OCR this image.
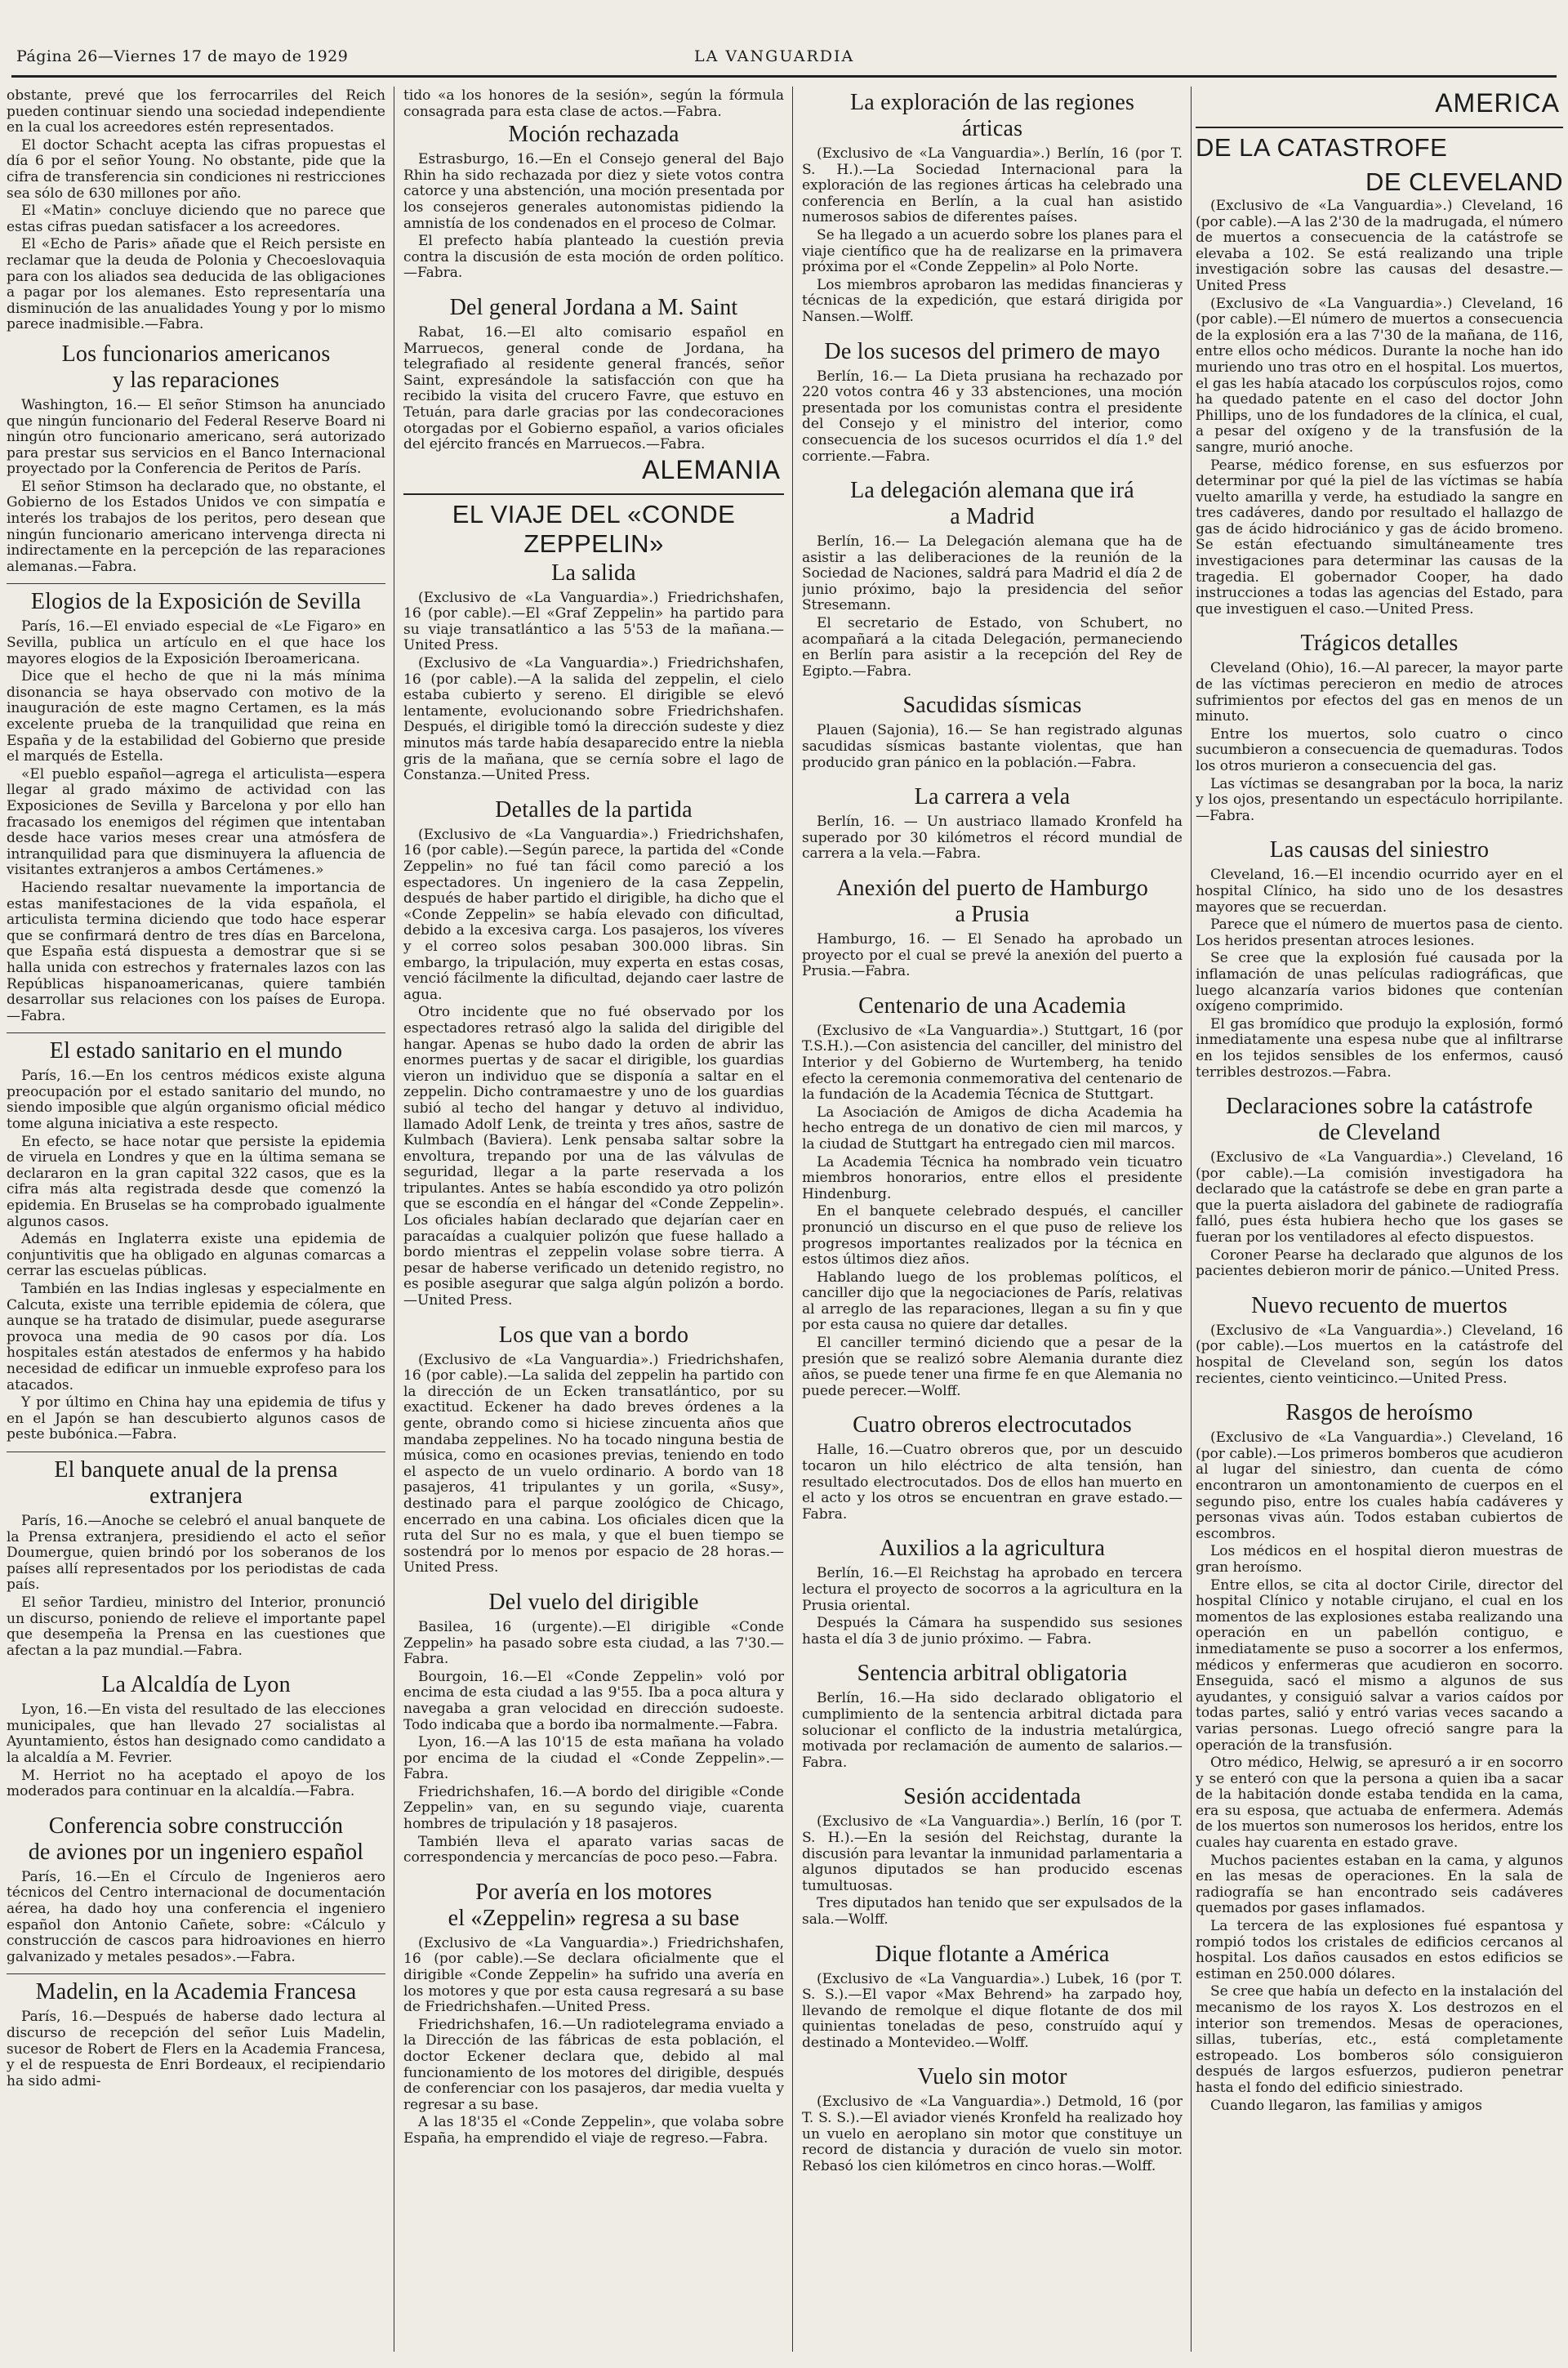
Página 26—Viernes 17 de mayo de 1929	LA VANGUARDIA

obstante, prevé que los ferrocarriles del Reich pueden continuar siendo una sociedad independiente en la cual los acreedores estén representados.

El doctor Schacht acepta las cifras propuestas el día 6 por el señor Young. No obstante, pide que la cifra de transferencia sin condiciones ni restricciones sea sólo de 630 millones por año.

El «Matin» concluye diciendo que no parece que estas cifras puedan satisfacer a los acreedores.

El «Echo de Paris» añade que el Reich persiste en reclamar que la deuda de Polonia y Checoeslovaquia para con los aliados sea deducida de las obligaciones a pagar por los alemanes. Esto representaría una disminución de las anualidades Young y por lo mismo parece inadmisible.—Fabra.

Los funcionarios americanos
y las reparaciones

Washington, 16.— El señor Stimson ha anunciado que ningún funcionario del Federal Reserve Board ni ningún otro funcionario americano, será autorizado para prestar sus servicios en el Banco Internacional proyectado por la Conferencia de Peritos de París.

El señor Stimson ha declarado que, no obstante, el Gobierno de los Estados Unidos ve con simpatía e interés los trabajos de los peritos, pero desean que ningún funcionario americano intervenga directa ni indirectamente en la percepción de las reparaciones alemanas.—Fabra.

Elogios de la Exposición de Sevilla

París, 16.—El enviado especial de «Le Figaro» en Sevilla, publica un artículo en el que hace los mayores elogios de la Exposición Iberoamericana.

Dice que el hecho de que ni la más mínima disonancia se haya observado con motivo de la inauguración de este magno Certamen, es la más excelente prueba de la tranquilidad que reina en España y de la estabilidad del Gobierno que preside el marqués de Estella.

«El pueblo español—agrega el articulista—espera llegar al grado máximo de actividad con las Exposiciones de Sevilla y Barcelona y por ello han fracasado los enemigos del régimen que intentaban desde hace varios meses crear una atmósfera de intranquilidad para que disminuyera la afluencia de visitantes extranjeros a ambos Certámenes.»

Haciendo resaltar nuevamente la importancia de estas manifestaciones de la vida española, el articulista termina diciendo que todo hace esperar que se confirmará dentro de tres días en Barcelona, que España está dispuesta a demostrar que si se halla unida con estrechos y fraternales lazos con las Repúblicas hispanoamericanas, quiere también desarrollar sus relaciones con los países de Europa.—Fabra.

El estado sanitario en el mundo

París, 16.—En los centros médicos existe alguna preocupación por el estado sanitario del mundo, no siendo imposible que algún organismo oficial médico tome alguna iniciativa a este respecto.

En efecto, se hace notar que persiste la epidemia de viruela en Londres y que en la última semana se declararon en la gran capital 322 casos, que es la cifra más alta registrada desde que comenzó la epidemia. En Bruselas se ha comprobado igualmente algunos casos.

Además en Inglaterra existe una epidemia de conjuntivitis que ha obligado en algunas comarcas a cerrar las escuelas públicas.

También en las Indias inglesas y especialmente en Calcuta, existe una terrible epidemia de cólera, que aunque se ha tratado de disimular, puede asegurarse provoca una media de 90 casos por día. Los hospitales están atestados de enfermos y ha habido necesidad de edificar un inmueble exprofeso para los atacados.

Y por último en China hay una epidemia de tifus y en el Japón se han descubierto algunos casos de peste bubónica.—Fabra.

El banquete anual de la prensa
extranjera

París, 16.—Anoche se celebró el anual banquete de la Prensa extranjera, presidiendo el acto el señor Doumergue, quien brindó por los soberanos de los países allí representados por los periodistas de cada país.

El señor Tardieu, ministro del Interior, pronunció un discurso, poniendo de relieve el importante papel que desempeña la Prensa en las cuestiones que afectan a la paz mundial.—Fabra.

La Alcaldía de Lyon

Lyon, 16.—En vista del resultado de las elecciones municipales, que han llevado 27 socialistas al Ayuntamiento, éstos han designado como candidato a la alcaldía a M. Fevrier.

M. Herriot no ha aceptado el apoyo de los moderados para continuar en la alcaldía.—Fabra.

Conferencia sobre construcción
de aviones por un ingeniero español

París, 16.—En el Círculo de Ingenieros aero técnicos del Centro internacional de documentación aérea, ha dado hoy una conferencia el ingeniero español don Antonio Cañete, sobre: «Cálculo y construcción de cascos para hidroaviones en hierro galvanizado y metales pesados».—Fabra.

Madelin, en la Academia Francesa

París, 16.—Después de haberse dado lectura al discurso de recepción del señor Luis Madelin, sucesor de Robert de Flers en la Academia Francesa, y el de respuesta de Enri Bordeaux, el recipiendario ha sido admi-

tido «a los honores de la sesión», según la fórmula consagrada para esta clase de actos.—Fabra.

Moción rechazada

Estrasburgo, 16.—En el Consejo general del Bajo Rhin ha sido rechazada por diez y siete votos contra catorce y una abstención, una moción presentada por los consejeros generales autonomistas pidiendo la amnistía de los condenados en el proceso de Colmar.

El prefecto había planteado la cuestión previa contra la discusión de esta moción de orden político.—Fabra.

Del general Jordana a M. Saint

Rabat, 16.—El alto comisario español en Marruecos, general conde de Jordana, ha telegrafiado al residente general francés, señor Saint, expresándole la satisfacción con que ha recibido la visita del crucero Favre, que estuvo en Tetuán, para darle gracias por las condecoraciones otorgadas por el Gobierno español, a varios oficiales del ejército francés en Marruecos.—Fabra.

ALEMANIA
EL VIAJE DEL «CONDE ZEPPELIN»
La salida

(Exclusivo de «La Vanguardia».) Friedrichshafen, 16 (por cable).—El «Graf Zeppelin» ha partido para su viaje transatlántico a las 5'53 de la mañana.—United Press.

(Exclusivo de «La Vanguardia».) Friedrichshafen, 16 (por cable).—A la salida del zeppelin, el cielo estaba cubierto y sereno. El dirigible se elevó lentamente, evolucionando sobre Friedrichshafen. Después, el dirigible tomó la dirección sudeste y diez minutos más tarde había desaparecido entre la niebla gris de la mañana, que se cernía sobre el lago de Constanza.—United Press.

Detalles de la partida

(Exclusivo de «La Vanguardia».) Friedrichshafen, 16 (por cable).—Según parece, la partida del «Conde Zeppelin» no fué tan fácil como pareció a los espectadores. Un ingeniero de la casa Zeppelin, después de haber partido el dirigible, ha dicho que el «Conde Zeppelin» se había elevado con dificultad, debido a la excesiva carga. Los pasajeros, los víveres y el correo solos pesaban 300.000 libras. Sin embargo, la tripulación, muy experta en estas cosas, venció fácilmente la dificultad, dejando caer lastre de agua.

Otro incidente que no fué observado por los espectadores retrasó algo la salida del dirigible del hangar. Apenas se hubo dado la orden de abrir las enormes puertas y de sacar el dirigible, los guardias vieron un individuo que se disponía a saltar en el zeppelin. Dicho contramaestre y uno de los guardias subió al techo del hangar y detuvo al individuo, llamado Adolf Lenk, de treinta y tres años, sastre de Kulmbach (Baviera). Lenk pensaba saltar sobre la envoltura, trepando por una de las válvulas de seguridad, llegar a la parte reservada a los tripulantes. Antes se había escondido ya otro polizón que se escondía en el hángar del «Conde Zeppelin». Los oficiales habían declarado que dejarían caer en paracaídas a cualquier polizón que fuese hallado a bordo mientras el zeppelin volase sobre tierra. A pesar de haberse verificado un detenido registro, no es posible asegurar que salga algún polizón a bordo.—United Press.

Los que van a bordo

(Exclusivo de «La Vanguardia».) Friedrichshafen, 16 (por cable).—La salida del zeppelin ha partido con la dirección de un Ecken transatlántico, por su exactitud. Eckener ha dado breves órdenes a la gente, obrando como si hiciese zincuenta años que mandaba zeppelines. No ha tocado ninguna bestia de música, como en ocasiones previas, teniendo en todo el aspecto de un vuelo ordinario. A bordo van 18 pasajeros, 41 tripulantes y un gorila, «Susy», destinado para el parque zoológico de Chicago, encerrado en una cabina. Los oficiales dicen que la ruta del Sur no es mala, y que el buen tiempo se sostendrá por lo menos por espacio de 28 horas.—United Press.

Del vuelo del dirigible

Basilea, 16 (urgente).—El dirigible «Conde Zeppelin» ha pasado sobre esta ciudad, a las 7'30.—Fabra.

Bourgoin, 16.—El «Conde Zeppelin» voló por encima de esta ciudad a las 9'55. Iba a poca altura y navegaba a gran velocidad en dirección sudoeste. Todo indicaba que a bordo iba normalmente.—Fabra.

Lyon, 16.—A las 10'15 de esta mañana ha volado por encima de la ciudad el «Conde Zeppelin».—Fabra.

Friedrichshafen, 16.—A bordo del dirigible «Conde Zeppelin» van, en su segundo viaje, cuarenta hombres de tripulación y 18 pasajeros.

También lleva el aparato varias sacas de correspondencia y mercancías de poco peso.—Fabra.

Por avería en los motores
el «Zeppelin» regresa a su base

(Exclusivo de «La Vanguardia».) Friedrichshafen, 16 (por cable).—Se declara oficialmente que el dirigible «Conde Zeppelin» ha sufrido una avería en los motores y que por esta causa regresará a su base de Friedrichshafen.—United Press.

Friedrichshafen, 16.—Un radiotelegrama enviado a la Dirección de las fábricas de esta población, el doctor Eckener declara que, debido al mal funcionamiento de los motores del dirigible, después de conferenciar con los pasajeros, dar media vuelta y regresar a su base.

A las 18'35 el «Conde Zeppelin», que volaba sobre España, ha emprendido el viaje de regreso.—Fabra.

La exploración de las regiones
árticas

(Exclusivo de «La Vanguardia».) Berlín, 16 (por T. S. H.).—La Sociedad Internacional para la exploración de las regiones árticas ha celebrado una conferencia en Berlín, a la cual han asistido numerosos sabios de diferentes países.

Se ha llegado a un acuerdo sobre los planes para el viaje científico que ha de realizarse en la primavera próxima por el «Conde Zeppelin» al Polo Norte.

Los miembros aprobaron las medidas financieras y técnicas de la expedición, que estará dirigida por Nansen.—Wolff.

De los sucesos del primero de mayo

Berlín, 16.— La Dieta prusiana ha rechazado por 220 votos contra 46 y 33 abstenciones, una moción presentada por los comunistas contra el presidente del Consejo y el ministro del interior, como consecuencia de los sucesos ocurridos el día 1.º del corriente.—Fabra.

La delegación alemana que irá
a Madrid

Berlín, 16.— La Delegación alemana que ha de asistir a las deliberaciones de la reunión de la Sociedad de Naciones, saldrá para Madrid el día 2 de junio próximo, bajo la presidencia del señor Stresemann.

El secretario de Estado, von Schubert, no acompañará a la citada Delegación, permaneciendo en Berlín para asistir a la recepción del Rey de Egipto.—Fabra.

Sacudidas sísmicas

Plauen (Sajonia), 16.— Se han registrado algunas sacudidas sísmicas bastante violentas, que han producido gran pánico en la población.—Fabra.

La carrera a vela

Berlín, 16. — Un austriaco llamado Kronfeld ha superado por 30 kilómetros el récord mundial de carrera a la vela.—Fabra.

Anexión del puerto de Hamburgo
a Prusia

Hamburgo, 16. — El Senado ha aprobado un proyecto por el cual se prevé la anexión del puerto a Prusia.—Fabra.

Centenario de una Academia

(Exclusivo de «La Vanguardia».) Stuttgart, 16 (por T.S.H.).—Con asistencia del canciller, del ministro del Interior y del Gobierno de Wurtemberg, ha tenido efecto la ceremonia conmemorativa del centenario de la fundación de la Academia Técnica de Stuttgart.

La Asociación de Amigos de dicha Academia ha hecho entrega de un donativo de cien mil marcos, y la ciudad de Stuttgart ha entregado cien mil marcos.

La Academia Técnica ha nombrado vein ticuatro miembros honorarios, entre ellos el presidente Hindenburg.

En el banquete celebrado después, el canciller pronunció un discurso en el que puso de relieve los progresos importantes realizados por la técnica en estos últimos diez años.

Hablando luego de los problemas políticos, el canciller dijo que la negociaciones de París, relativas al arreglo de las reparaciones, llegan a su fin y que por esta causa no quiere dar detalles.

El canciller terminó diciendo que a pesar de la presión que se realizó sobre Alemania durante diez años, se puede tener una firme fe en que Alemania no puede perecer.—Wolff.

Cuatro obreros electrocutados

Halle, 16.—Cuatro obreros que, por un descuido tocaron un hilo eléctrico de alta tensión, han resultado electrocutados. Dos de ellos han muerto en el acto y los otros se encuentran en grave estado.—Fabra.

Auxilios a la agricultura

Berlín, 16.—El Reichstag ha aprobado en tercera lectura el proyecto de socorros a la agricultura en la Prusia oriental.

Después la Cámara ha suspendido sus sesiones hasta el día 3 de junio próximo. — Fabra.

Sentencia arbitral obligatoria

Berlín, 16.—Ha sido declarado obligatorio el cumplimiento de la sentencia arbitral dictada para solucionar el conflicto de la industria metalúrgica, motivada por reclamación de aumento de salarios.—Fabra.

Sesión accidentada

(Exclusivo de «La Vanguardia».) Berlín, 16 (por T. S. H.).—En la sesión del Reichstag, durante la discusión para levantar la inmunidad parlamentaria a algunos diputados se han producido escenas tumultuosas.

Tres diputados han tenido que ser expulsados de la sala.—Wolff.

Dique flotante a América

(Exclusivo de «La Vanguardia».) Lubek, 16 (por T. S. S.).—El vapor «Max Behrend» ha zarpado hoy, llevando de remolque el dique flotante de dos mil quinientas toneladas de peso, construído aquí y destinado a Montevideo.—Wolff.

Vuelo sin motor

(Exclusivo de «La Vanguardia».) Detmold, 16 (por T. S. S.).—El aviador vienés Kronfeld ha realizado hoy un vuelo en aeroplano sin motor que constituye un record de distancia y duración de vuelo sin motor. Rebasó los cien kilómetros en cinco horas.—Wolff.

AMERICA
DE LA CATASTROFE
DE CLEVELAND

(Exclusivo de «La Vanguardia».) Cleveland, 16 (por cable).—A las 2'30 de la madrugada, el número de muertos a consecuencia de la catástrofe se elevaba a 102. Se está realizando una triple investigación sobre las causas del desastre.—United Press

(Exclusivo de «La Vanguardia».) Cleveland, 16 (por cable).—El número de muertos a consecuencia de la explosión era a las 7'30 de la mañana, de 116, entre ellos ocho médicos. Durante la noche han ido muriendo uno tras otro en el hospital. Los muertos, el gas les había atacado los corpúsculos rojos, como ha quedado patente en el caso del doctor John Phillips, uno de los fundadores de la clínica, el cual, a pesar del oxígeno y de la transfusión de la sangre, murió anoche.

Pearse, médico forense, en sus esfuerzos por determinar por qué la piel de las víctimas se había vuelto amarilla y verde, ha estudiado la sangre en tres cadáveres, dando por resultado el hallazgo de gas de ácido hidrociánico y gas de ácido bromeno. Se están efectuando simultáneamente tres investigaciones para determinar las causas de la tragedia. El gobernador Cooper, ha dado instrucciones a todas las agencias del Estado, para que investiguen el caso.—United Press.

Trágicos detalles

Cleveland (Ohio), 16.—Al parecer, la mayor parte de las víctimas perecieron en medio de atroces sufrimientos por efectos del gas en menos de un minuto.

Entre los muertos, solo cuatro o cinco sucumbieron a consecuencia de quemaduras. Todos los otros murieron a consecuencia del gas.

Las víctimas se desangraban por la boca, la nariz y los ojos, presentando un espectáculo horripilante.—Fabra.

Las causas del siniestro

Cleveland, 16.—El incendio ocurrido ayer en el hospital Clínico, ha sido uno de los desastres mayores que se recuerdan.

Parece que el número de muertos pasa de ciento. Los heridos presentan atroces lesiones.

Se cree que la explosión fué causada por la inflamación de unas películas radiográficas, que luego alcanzaría varios bidones que contenían oxígeno comprimido.

El gas bromídico que produjo la explosión, formó inmediatamente una espesa nube que al infiltrarse en los tejidos sensibles de los enfermos, causó terribles destrozos.—Fabra.

Declaraciones sobre la catástrofe
de Cleveland

(Exclusivo de «La Vanguardia».) Cleveland, 16 (por cable).—La comisión investigadora ha declarado que la catástrofe se debe en gran parte a que la puerta aisladora del gabinete de radiografía falló, pues ésta hubiera hecho que los gases se fueran por los ventiladores al efecto dispuestos.

Coroner Pearse ha declarado que algunos de los pacientes debieron morir de pánico.—United Press.

Nuevo recuento de muertos

(Exclusivo de «La Vanguardia».) Cleveland, 16 (por cable).—Los muertos en la catástrofe del hospital de Cleveland son, según los datos recientes, ciento veinticinco.—United Press.

Rasgos de heroísmo

(Exclusivo de «La Vanguardia».) Cleveland, 16 (por cable).—Los primeros bomberos que acudieron al lugar del siniestro, dan cuenta de cómo encontraron un amontonamiento de cuerpos en el segundo piso, entre los cuales había cadáveres y personas vivas aún. Todos estaban cubiertos de escombros.

Los médicos en el hospital dieron muestras de gran heroísmo.

Entre ellos, se cita al doctor Cirile, director del hospital Clínico y notable cirujano, el cual en los momentos de las explosiones estaba realizando una operación en un pabellón contiguo, e inmediatamente se puso a socorrer a los enfermos, médicos y enfermeras que acudieron en socorro. Enseguida, sacó el mismo a algunos de sus ayudantes, y consiguió salvar a varios caídos por todas partes, salió y entró varias veces sacando a varias personas. Luego ofreció sangre para la operación de la transfusión.

Otro médico, Helwig, se apresuró a ir en socorro y se enteró con que la persona a quien iba a sacar de la habitación donde estaba tendida en la cama, era su esposa, que actuaba de enfermera. Además de los muertos son numerosos los heridos, entre los cuales hay cuarenta en estado grave.

Muchos pacientes estaban en la cama, y algunos en las mesas de operaciones. En la sala de radiografía se han encontrado seis cadáveres quemados por gases inflamados.

La tercera de las explosiones fué espantosa y rompió todos los cristales de edificios cercanos al hospital. Los daños causados en estos edificios se estiman en 250.000 dólares.

Se cree que había un defecto en la instalación del mecanismo de los rayos X. Los destrozos en el interior son tremendos. Mesas de operaciones, sillas, tuberías, etc., está completamente estropeado. Los bomberos sólo consiguieron después de largos esfuerzos, pudieron penetrar hasta el fondo del edificio siniestrado.

Cuando llegaron, las familias y amigos
